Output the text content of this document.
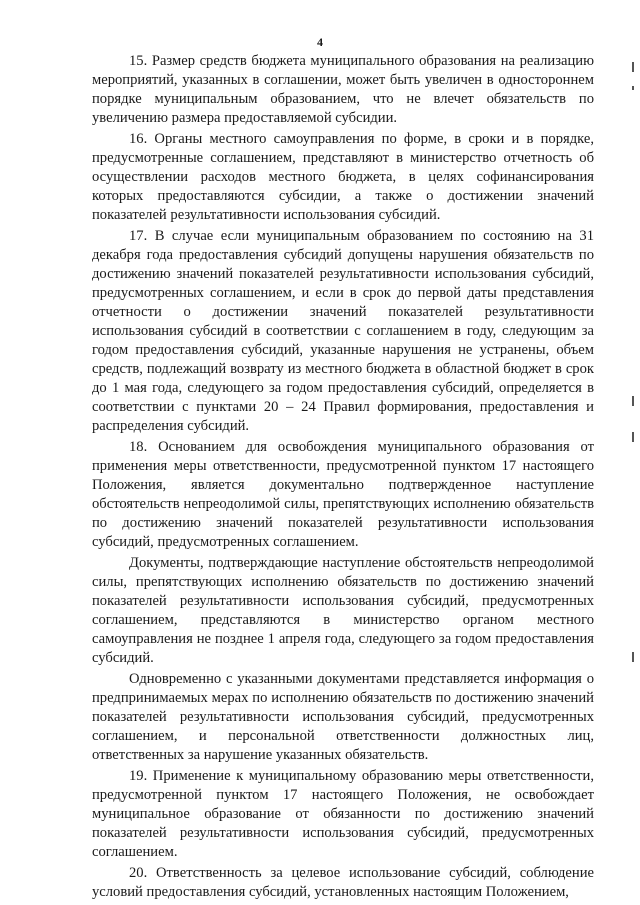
4

15. Размер средств бюджета муниципального образования на реализацию мероприятий, указанных в соглашении, может быть увеличен в одностороннем порядке муниципальным образованием, что не влечет обязательств по увеличению размера предоставляемой субсидии.

16. Органы местного самоуправления по форме, в сроки и в порядке, предусмотренные соглашением, представляют в министерство отчетность об осуществлении расходов местного бюджета, в целях софинансирования которых предоставляются субсидии, а также о достижении значений показателей результативности использования субсидий.

17. В случае если муниципальным образованием по состоянию на 31 декабря года предоставления субсидий допущены нарушения обязательств по достижению значений показателей результативности использования субсидий, предусмотренных соглашением, и если в срок до первой даты представления отчетности о достижении значений показателей результативности использования субсидий в соответствии с соглашением в году, следующим за годом предоставления субсидий, указанные нарушения не устранены, объем средств, подлежащий возврату из местного бюджета в областной бюджет в срок до 1 мая года, следующего за годом предоставления субсидий, определяется в соответствии с пунктами 20 – 24 Правил формирования, предоставления и распределения субсидий.

18. Основанием для освобождения муниципального образования от применения меры ответственности, предусмотренной пунктом 17 настоящего Положения, является документально подтвержденное наступление обстоятельств непреодолимой силы, препятствующих исполнению обязательств по достижению значений показателей результативности использования субсидий, предусмотренных соглашением.

Документы, подтверждающие наступление обстоятельств непреодолимой силы, препятствующих исполнению обязательств по достижению значений показателей результативности использования субсидий, предусмотренных соглашением, представляются в министерство органом местного самоуправления не позднее 1 апреля года, следующего за годом предоставления субсидий.

Одновременно с указанными документами представляется информация о предпринимаемых мерах по исполнению обязательств по достижению значений показателей результативности использования субсидий, предусмотренных соглашением, и персональной ответственности должностных лиц, ответственных за нарушение указанных обязательств.

19. Применение к муниципальному образованию меры ответственности, предусмотренной пунктом 17 настоящего Положения, не освобождает муниципальное образование от обязанности по достижению значений показателей результативности использования субсидий, предусмотренных соглашением.

20. Ответственность за целевое использование субсидий, соблюдение условий предоставления субсидий, установленных настоящим Положением,
